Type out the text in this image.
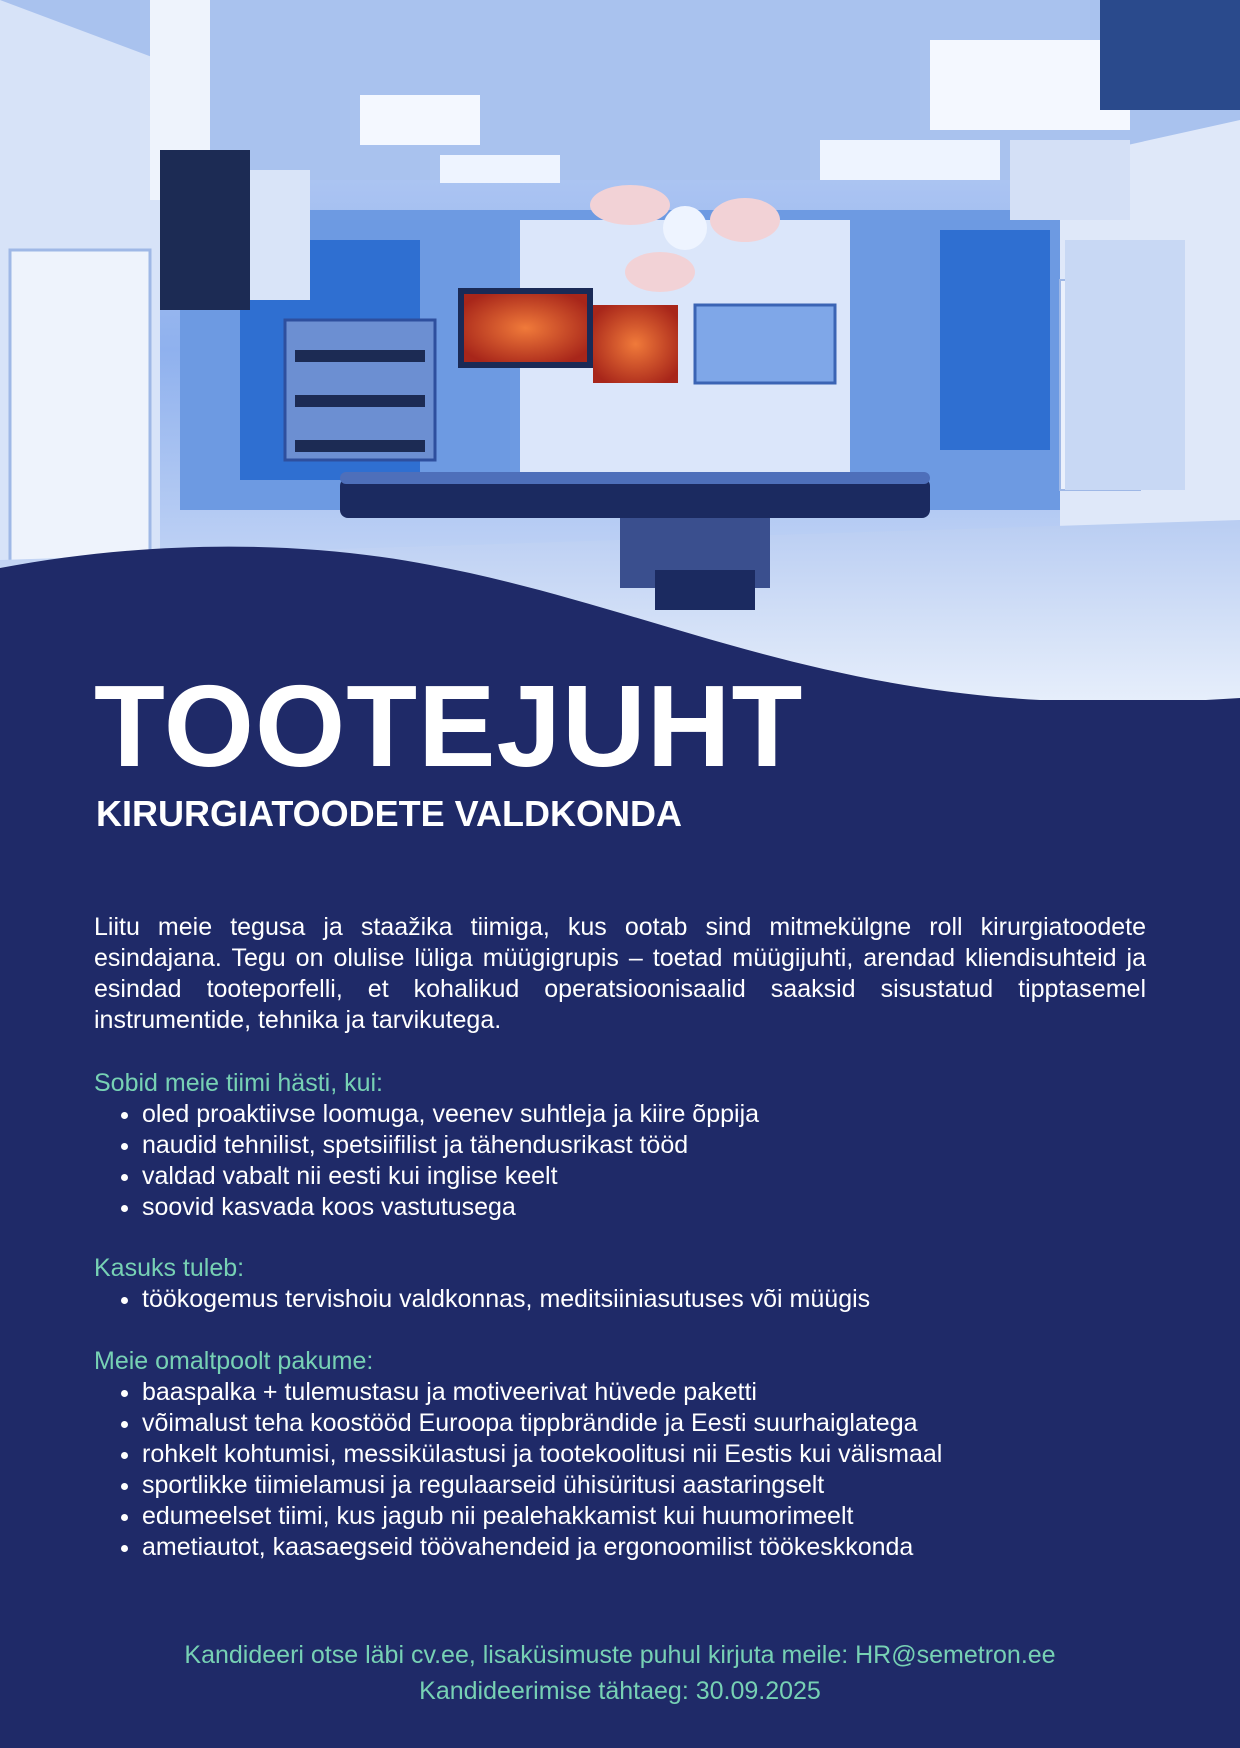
TOOTEJUHT
KIRURGIATOODETE VALDKONDA

Liitu meie tegusa ja staažika tiimiga, kus ootab sind mitmekülgne roll kirurgiatoodete esindajana. Tegu on olulise lüliga müügigrupis – toetad müügijuhti, arendad kliendisuhteid ja esindad tooteporfelli, et kohalikud operatsioonisaalid saaksid sisustatud tipptasemel instrumentide, tehnika ja tarvikutega.

Sobid meie tiimi hästi, kui:
• oled proaktiivse loomuga, veenev suhtleja ja kiire õppija
• naudid tehnilist, spetsiifilist ja tähendusrikast tööd
• valdad vabalt nii eesti kui inglise keelt
• soovid kasvada koos vastutusega
Kasuks tuleb:
• töökogemus tervishoiu valdkonnas, meditsiiniasutuses või müügis
Meie omaltpoolt pakume:
• baaspalka + tulemustasu ja motiveerivat hüvede paketti
• võimalust teha koostööd Euroopa tippbrändide ja Eesti suurhaiglatega
• rohkelt kohtumisi, messikülastusi ja tootekoolitusi nii Eestis kui välismaal
• sportlikke tiimielamusi ja regulaarseid ühisüritusi aastaringselt
• edumeelset tiimi, kus jagub nii pealehakkamist kui huumorimeelt
• ametiautot, kaasaegseid töövahendeid ja ergonoomilist töökeskkonda
Kandideeri otse läbi cv.ee, lisaküsimuste puhul kirjuta meile: HR@semetron.ee
Kandideerimise tähtaeg: 30.09.2025
